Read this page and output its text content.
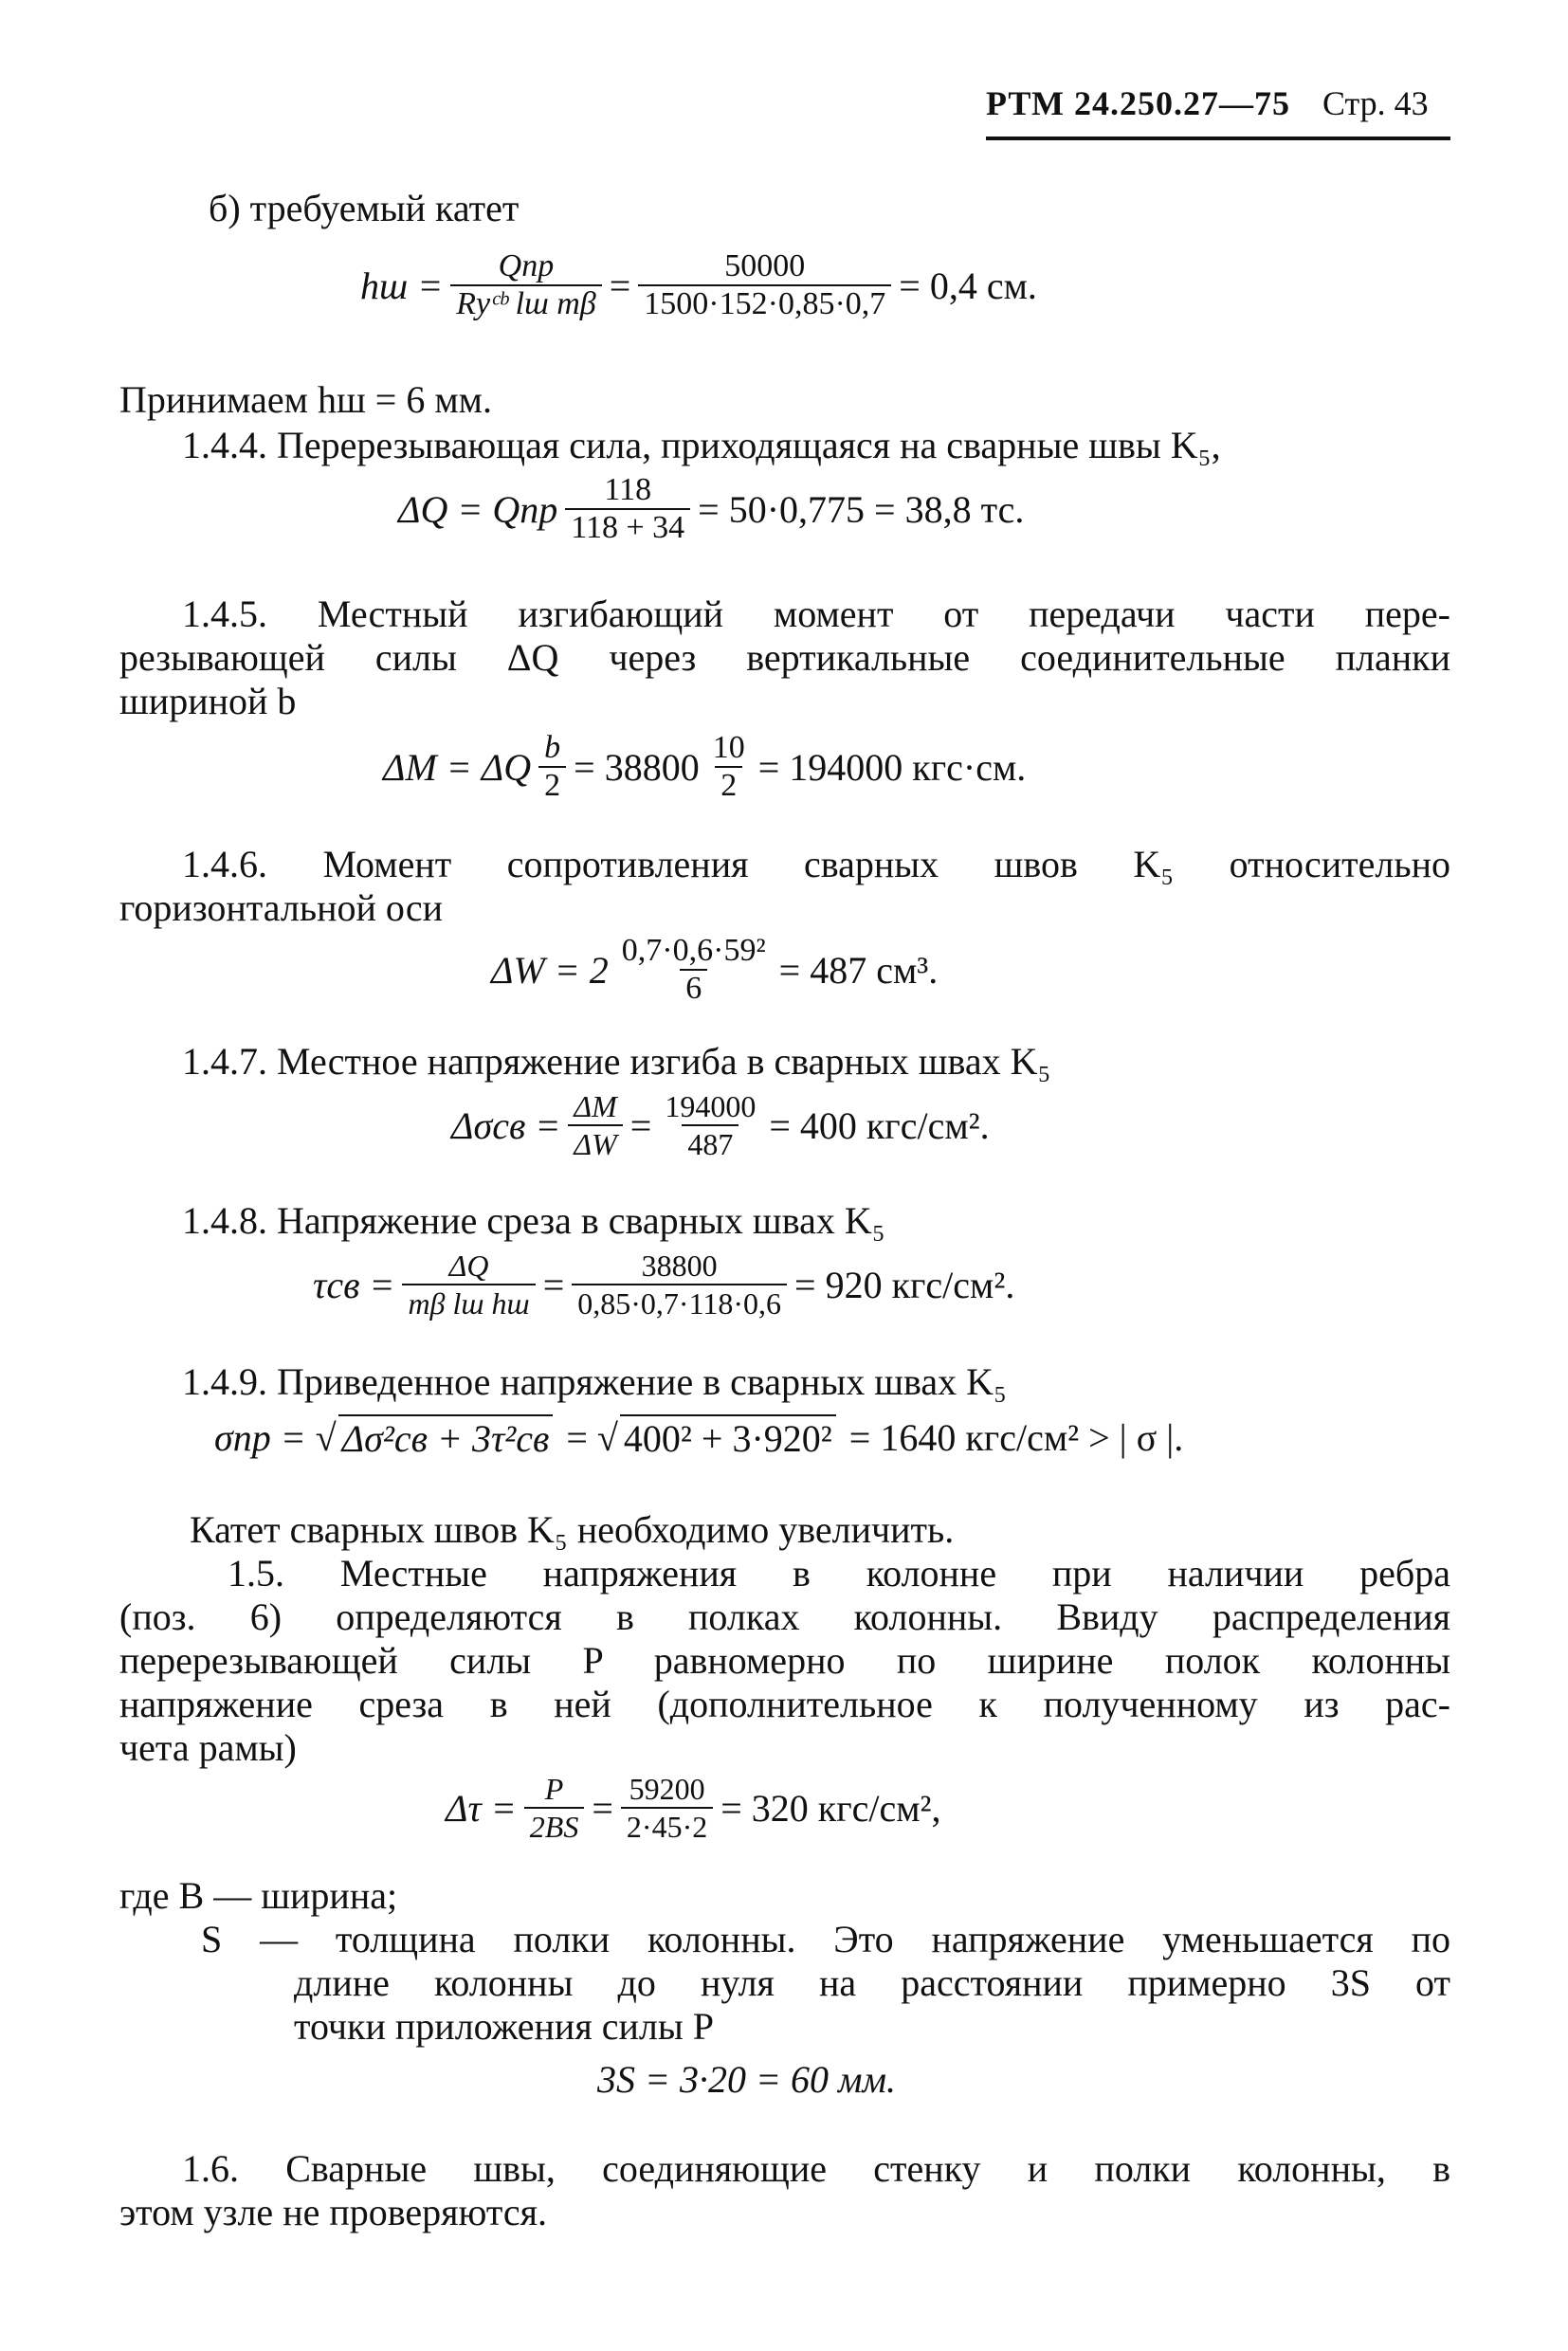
РТМ 24.250.27—75 Стр. 43
б) требуемый катет
hш = $\frac{\text{Qпр}}{\text{Rуᶜᵇ lш mβ}} = \frac{50000}{1500\cdot 152\cdot 0,85\cdot 0,7} = 0,4$ см.
Принимаем hш = 6 мм.
1.4.4. Перерезывающая сила, приходящаяся на сварные швы K₅,
ΔQ = Qпр $\frac{118}{118 + 34} = 50\cdot 0,775 = 38,8$ тс.
1.4.5. Местный изгибающий момент от передачи части пере-
резывающей силы ΔQ через вертикальные соединительные планки
шириной b
ΔM = ΔQ $\frac{b}{2} = 38800 \frac{10}{2} = 194000$ кгс·см.
1.4.6. Момент сопротивления сварных швов K₅ относительно
горизонтальной оси
$\Delta W = 2 \frac{\text{0,7·0,6·59²}}{6} = 487$ см³.
1.4.7. Местное напряжение изгиба в сварных швах K₅
$\Delta\sigma св = \frac{\Delta M}{\Delta W} = \frac{194000}{487} = 400$ кгс/см².
1.4.8. Напряжение среза в сварных швах K₅
$\tau св = \frac{\Delta Q}{\text{mβ lш hш}} = \frac{38800}{0,85\cdot 0,7\cdot 118\cdot 0,6} = 920$ кгс/см².
1.4.9. Приведенное напряжение в сварных швах K₅
σпр = √ Δσ²св + 3τ²св = √ 400² + 3·920² = 1640 кгс/см² > | σ |.
Катет сварных швов K₅ необходимо увеличить.
1.5. Местные напряжения в колонне при наличии ребра
(поз. 6) определяются в полках колонны. Ввиду распределения
перерезывающей силы P равномерно по ширине полок колонны
напряжение среза в ней (дополнительное к полученному из рас-
чета рамы)
$\Delta\tau = \frac{P}{2BS} = \frac{59200}{2\cdot 45\cdot 2} = 320$ кгс/см²,
где B — ширина;
S — толщина полки колонны. Это напряжение уменьшается по
длине колонны до нуля на расстоянии примерно 3S от
точки приложения силы P
3S = 3·20 = 60 мм.
1.6. Сварные швы, соединяющие стенку и полки колонны, в
этом узле не проверяются.
